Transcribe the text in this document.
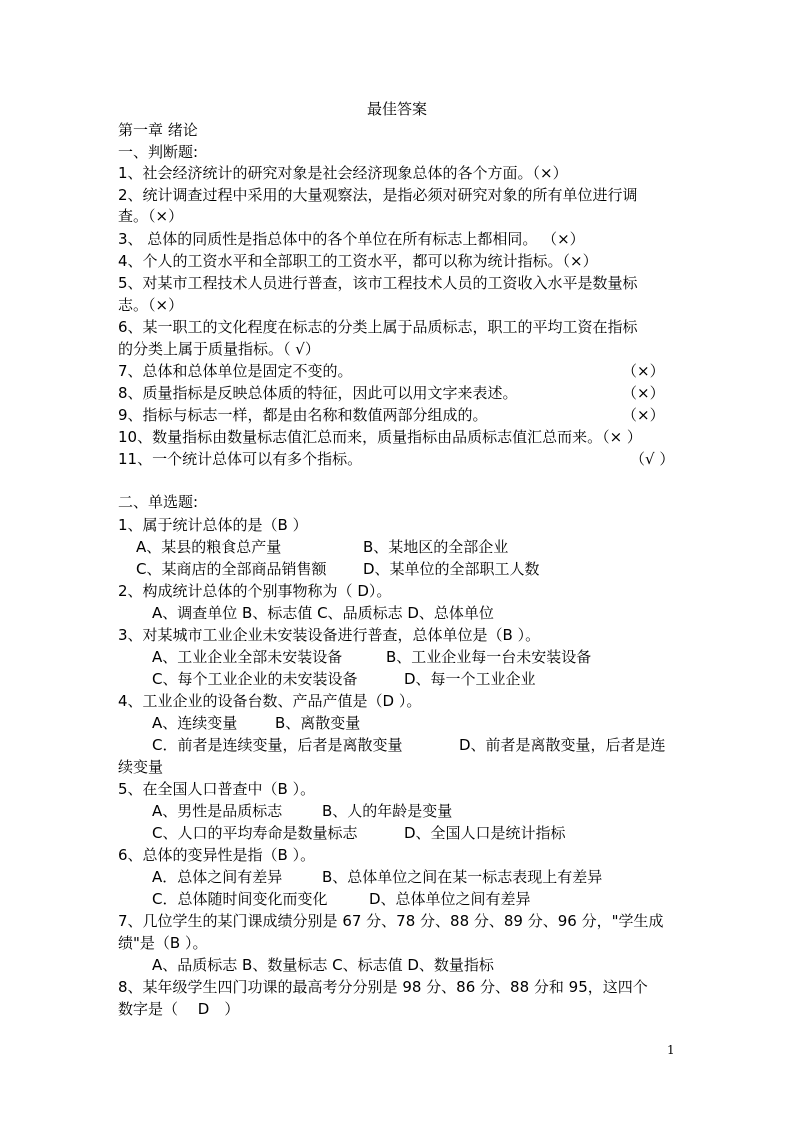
最佳答案
第一章 绪论
一、判断题:
1、社会经济统计的研究对象是社会经济现象总体的各个方面。（×）
2、统计调查过程中采用的大量观察法，是指必须对研究对象的所有单位进行调
查。（×）
3、 总体的同质性是指总体中的各个单位在所有标志上都相同。 （×）
4、个人的工资水平和全部职工的工资水平，都可以称为统计指标。（×）
5、对某市工程技术人员进行普查，该市工程技术人员的工资收入水平是数量标
志。（×）
6、某一职工的文化程度在标志的分类上属于品质标志，职工的平均工资在指标
的分类上属于质量指标。（ √）
7、总体和总体单位是固定不变的。	（×）
8、质量指标是反映总体质的特征，因此可以用文字来表述。	（×）
9、指标与标志一样，都是由名称和数值两部分组成的。	（×）
10、数量指标由数量标志值汇总而来，质量指标由品质标志值汇总而来。（× ）
11、一个统计总体可以有多个指标。	（√ ）
二、单选题:
1、属于统计总体的是（B ）
A、某县的粮食总产量	B、某地区的全部企业
C、某商店的全部商品销售额	D、某单位的全部职工人数
2、构成统计总体的个别事物称为（ D）。
A、调查单位 B、标志值 C、品质标志 D、总体单位
3、对某城市工业企业未安装设备进行普查，总体单位是（B ）。
A、工业企业全部未安装设备	B、工业企业每一台未安装设备
C、每个工业企业的未安装设备	D、每一个工业企业
4、工业企业的设备台数、产品产值是（D ）。
A、连续变量	B、离散变量
C．前者是连续变量，后者是离散变量	D、前者是离散变量，后者是连
续变量
5、在全国人口普查中（B ）。
A、男性是品质标志	B、人的年龄是变量
C、人口的平均寿命是数量标志	D、全国人口是统计指标
6、总体的变异性是指（B ）。
A．总体之间有差异	B、总体单位之间在某一标志表现上有差异
C．总体随时间变化而变化	D、总体单位之间有差异
7、几位学生的某门课成绩分别是 67 分、78 分、88 分、89 分、96 分，"学生成
绩"是（B ）。
A、品质标志 B、数量标志 C、标志值 D、数量指标
8、某年级学生四门功课的最高考分分别是 98 分、86 分、88 分和 95，这四个
数字是（　 D　）
1
